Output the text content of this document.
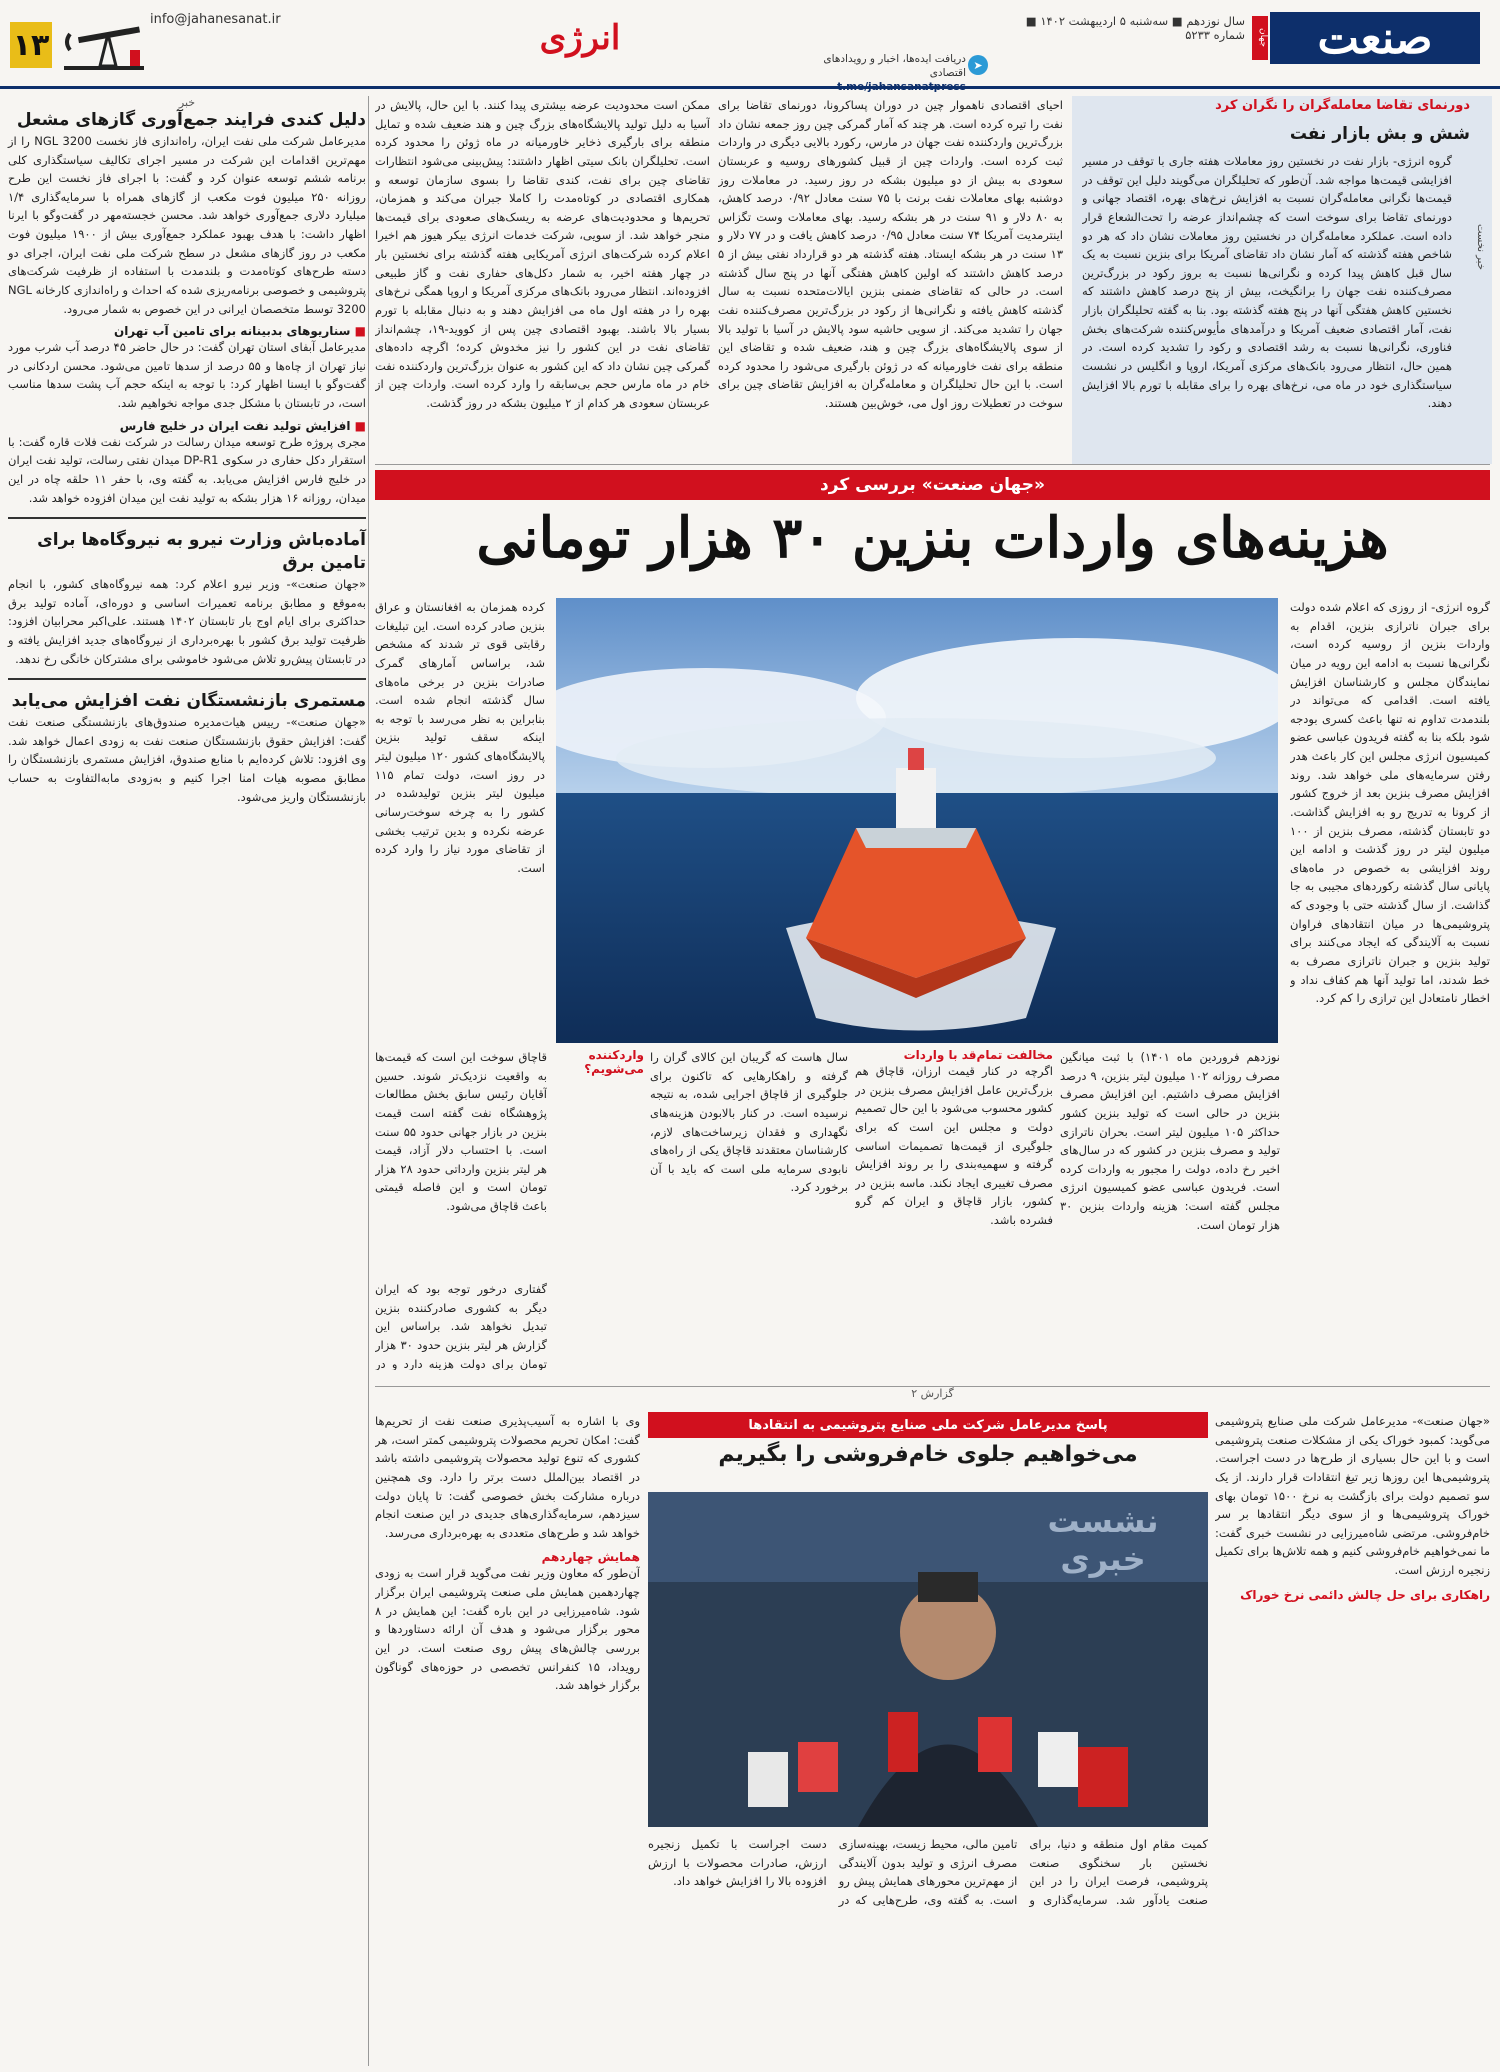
صنعت
جهان
سال نوزدهم ■ سه‌شنبه ۵ اردیبهشت ۱۴۰۲ ■ شماره ۵۲۳۳
➤
دریافت ایده‌ها، اخبار و رویدادهای اقتصادی
انرژی
info@jahanesanat.ir
۱۳
خبر نخست
دورنمای تقاضا معامله‌گران را نگران کرد
شش و بش بازار نفت
گروه انرژی- بازار نفت در نخستین روز معاملات هفته جاری با توقف در مسیر افزایشی قیمت‌ها مواجه شد. آن‌طور که تحلیلگران می‌گویند دلیل این توقف در قیمت‌ها نگرانی معامله‌گران نسبت به افزایش نرخ‌های بهره، اقتصاد جهانی و دورنمای تقاضا برای سوخت است که چشم‌انداز عرضه را تحت‌الشعاع قرار داده است. عملکرد معامله‌گران در نخستین روز معاملات نشان داد که هر دو شاخص هفته گذشته که آمار نشان داد تقاضای آمریکا برای بنزین نسبت به یک سال قبل کاهش پیدا کرده و نگرانی‌ها نسبت به بروز رکود در بزرگ‌ترین مصرف‌کننده نفت جهان را برانگیخت، بیش از پنج درصد کاهش داشتند که نخستین کاهش هفتگی آنها در پنج هفته گذشته بود. بنا به گفته تحلیلگران بازار نفت، آمار اقتصادی ضعیف آمریکا و درآمدهای مأیوس‌کننده شرکت‌های بخش فناوری، نگرانی‌ها نسبت به رشد اقتصادی و رکود را تشدید کرده است. در همین حال، انتظار می‌رود بانک‌های مرکزی آمریکا، اروپا و انگلیس در نشست سیاستگذاری خود در ماه می، نرخ‌های بهره را برای مقابله با تورم بالا افزایش دهند.
احیای اقتصادی ناهموار چین در دوران پساکرونا، دورنمای تقاضا برای نفت را تیره کرده است. هر چند که آمار گمرکی چین روز جمعه نشان داد بزرگ‌ترین واردکننده نفت جهان در مارس، رکورد بالایی دیگری در واردات ثبت کرده است. واردات چین از قبیل کشورهای روسیه و عربستان سعودی به بیش از دو میلیون بشکه در روز رسید. در معاملات روز دوشنبه بهای معاملات نفت برنت با ۷۵ سنت معادل ۰/۹۲ درصد کاهش، به ۸۰ دلار و ۹۱ سنت در هر بشکه رسید. بهای معاملات وست تگزاس اینترمدیت آمریکا ۷۴ سنت معادل ۰/۹۵ درصد کاهش یافت و در ۷۷ دلار و ۱۳ سنت در هر بشکه ایستاد. هفته گذشته هر دو قرارداد نفتی بیش از ۵ درصد کاهش داشتند که اولین کاهش هفتگی آنها در پنج سال گذشته است. در حالی که تقاضای ضمنی بنزین ایالات‌متحده نسبت به سال گذشته کاهش یافته و نگرانی‌ها از رکود در بزرگ‌ترین مصرف‌کننده نفت جهان را تشدید می‌کند. از سویی حاشیه سود پالایش در آسیا با تولید بالا از سوی پالایشگاه‌های بزرگ چین و هند، ضعیف شده و تقاضای این منطقه برای نفت خاورمیانه که در ژوئن بارگیری می‌شود را محدود کرده است. با این حال تحلیلگران و معامله‌گران به افزایش تقاضای چین برای سوخت در تعطیلات روز اول می، خوش‌بین هستند.
ممکن است محدودیت عرضه بیشتری پیدا کنند. با این حال، پالایش در آسیا به دلیل تولید پالایشگاه‌های بزرگ چین و هند ضعیف شده و تمایل منطقه برای بارگیری ذخایر خاورمیانه در ماه ژوئن را محدود کرده است. تحلیلگران بانک سیتی اظهار داشتند: پیش‌بینی می‌شود انتظارات تقاضای چین برای نفت، کندی تقاضا را بسوی سازمان توسعه و همکاری اقتصادی در کوتاه‌مدت را کاملا جبران می‌کند و همزمان، تحریم‌ها و محدودیت‌های عرضه به ریسک‌های صعودی برای قیمت‌ها منجر خواهد شد. از سویی، شرکت خدمات انرژی بیکر هیوز هم اخیرا اعلام کرده شرکت‌های انرژی آمریکایی هفته گذشته برای نخستین بار در چهار هفته اخیر، به شمار دکل‌های حفاری نفت و گاز طبیعی افزوده‌اند. انتظار می‌رود بانک‌های مرکزی آمریکا و اروپا همگی نرخ‌های بهره را در هفته اول ماه می افزایش دهند و به دنبال مقابله با تورم بسیار بالا باشند. بهبود اقتصادی چین پس از کووید-۱۹، چشم‌انداز تقاضای نفت در این کشور را نیز مخدوش کرده؛ اگرچه داده‌های گمرکی چین نشان داد که این کشور به عنوان بزرگ‌ترین واردکننده نفت خام در ماه مارس حجم بی‌سابقه را وارد کرده است. واردات چین از عربستان سعودی هر کدام از ۲ میلیون بشکه در روز گذشت.
«جهان صنعت» بررسی کرد
هزینه‌های واردات بنزین ۳۰ هزار تومانی
گروه انرژی- از روزی که اعلام شده دولت برای جبران ناترازی بنزین، اقدام به واردات بنزین از روسیه کرده است، نگرانی‌ها نسبت به ادامه این رویه در میان نمایندگان مجلس و کارشناسان افزایش یافته است. اقدامی که می‌تواند در بلندمدت تداوم نه تنها باعث کسری بودجه شود بلکه بنا به گفته فریدون عباسی عضو کمیسیون انرژی مجلس این کار باعث هدر رفتن سرمایه‌های ملی خواهد شد. روند افزایش مصرف بنزین بعد از خروج کشور از کرونا به تدریج رو به افزایش گذاشت. دو تابستان گذشته، مصرف بنزین از ۱۰۰ میلیون لیتر در روز گذشت و ادامه این روند افزایشی به خصوص در ماه‌های پایانی سال گذشته رکوردهای مجیبی به جا گذاشت. از سال گذشته حتی با وجودی که پتروشیمی‌ها در میان انتقادهای فراوان نسبت به آلایندگی که ایجاد می‌کنند برای تولید بنزین و جبران ناترازی مصرف به خط شدند، اما تولید آنها هم کفاف نداد و اخطار نامتعادل این ترازی را کم کرد.
کرده همزمان به افغانستان و عراق بنزین صادر کرده است. این تبلیغات رقابتی قوی تر شدند که مشخص شد، براساس آمارهای گمرک صادرات بنزین در برخی ماه‌های سال گذشته انجام شده است. بنابراین به نظر می‌رسد با توجه به اینکه سقف تولید بنزین پالایشگاه‌های کشور ۱۲۰ میلیون لیتر در روز است، دولت تمام ۱۱۵ میلیون لیتر بنزین تولیدشده در کشور را به چرخه سوخت‌رسانی عرضه نکرده و بدین ترتیب بخشی از تقاضای مورد نیاز را وارد کرده است.
نوزدهم فروردین ماه ۱۴۰۱) با ثبت میانگین مصرف روزانه ۱۰۲ میلیون لیتر بنزین، ۹ درصد افزایش مصرف داشتیم. این افزایش مصرف بنزین در حالی است که تولید بنزین کشور حداکثر ۱۰۵ میلیون لیتر است. بحران ناترازی تولید و مصرف بنزین در کشور که در سال‌های اخیر رخ داده، دولت را مجبور به واردات کرده است. فریدون عباسی عضو کمیسیون انرژی مجلس گفته است: هزینه واردات بنزین ۳۰ هزار تومان است.
مخالفت تمام‌قد با واردات
اگرچه در کنار قیمت ارزان، قاچاق هم بزرگ‌ترین عامل افزایش مصرف بنزین در کشور محسوب می‌شود با این حال تصمیم دولت و مجلس این است که برای جلوگیری از قیمت‌ها تصمیمات اساسی گرفته و سهمیه‌بندی را بر روند افزایش مصرف تغییری ایجاد نکند. ماسه بنزین در کشور، بازار قاچاق و ایران کم گرو فشرده باشد.
سال هاست که گریبان این کالای گران را گرفته و راهکارهایی که تاکنون برای جلوگیری از قاچاق اجرایی شده، به نتیجه نرسیده است. در کنار بالابودن هزینه‌های نگهداری و فقدان زیرساخت‌های لازم، کارشناسان معتقدند قاچاق یکی از راه‌های نابودی سرمایه ملی است که باید با آن برخورد کرد.
واردکننده می‌شویم؟
قاچاق سوخت این است که قیمت‌ها به واقعیت نزدیک‌تر شوند. حسین آقایان رئیس سابق بخش مطالعات پژوهشگاه نفت گفته است قیمت بنزین در بازار جهانی حدود ۵۵ سنت است. با احتساب دلار آزاد، قیمت هر لیتر بنزین وارداتی حدود ۲۸ هزار تومان است و این فاصله قیمتی باعث قاچاق می‌شود.
گفتاری درخور توجه بود که ایران دیگر به کشوری صادرکننده بنزین تبدیل نخواهد شد. براساس این گزارش هر لیتر بنزین حدود ۳۰ هزار تومان برای دولت هزینه دارد و در
گزارش ۲
پاسخ مدیرعامل شرکت ملی صنایع پتروشیمی به انتقادها
می‌خواهیم جلوی خام‌فروشی را بگیریم
نشست خبری
«جهان صنعت»- مدیرعامل شرکت ملی صنایع پتروشیمی می‌گوید: کمبود خوراک یکی از مشکلات صنعت پتروشیمی است و با این حال بسیاری از طرح‌ها در دست اجراست. پتروشیمی‌ها این روزها زیر تیغ انتقادات قرار دارند. از یک سو تصمیم دولت برای بازگشت به نرخ ۱۵۰۰ تومان بهای خوراک پتروشیمی‌ها و از سوی دیگر انتقادها بر سر خام‌فروشی. مرتضی شاه‌میرزایی در نشست خبری گفت: ما نمی‌خواهیم خام‌فروشی کنیم و همه تلاش‌ها برای تکمیل زنجیره ارزش است.
راهکاری برای حل چالش دائمی نرخ خوراک
وی با اشاره به آسیب‌پذیری صنعت نفت از تحریم‌ها گفت: امکان تحریم محصولات پتروشیمی کمتر است، هر کشوری که تنوع تولید محصولات پتروشیمی داشته باشد در اقتصاد بین‌الملل دست برتر را دارد. وی همچنین درباره مشارکت بخش خصوصی گفت: تا پایان دولت سیزدهم، سرمایه‌گذاری‌های جدیدی در این صنعت انجام خواهد شد و طرح‌های متعددی به بهره‌برداری می‌رسد.
همایش چهاردهم
آن‌طور که معاون وزیر نفت می‌گوید قرار است به زودی چهاردهمین همایش ملی صنعت پتروشیمی ایران برگزار شود. شاه‌میرزایی در این باره گفت: این همایش در ۸ محور برگزار می‌شود و هدف آن ارائه دستاوردها و بررسی چالش‌های پیش روی صنعت است. در این رویداد، ۱۵ کنفرانس تخصصی در حوزه‌های گوناگون برگزار خواهد شد.
کمیت مقام اول منطقه و دنیا، برای نخستین بار سخنگوی صنعت پتروشیمی، فرصت ایران را در این صنعت یادآور شد. سرمایه‌گذاری و تامین مالی، محیط زیست، بهینه‌سازی مصرف انرژی و تولید بدون آلایندگی از مهم‌ترین محورهای همایش پیش رو است. به گفته وی، طرح‌هایی که در دست اجراست با تکمیل زنجیره ارزش، صادرات محصولات با ارزش افزوده بالا را افزایش خواهد داد.
خبر
دلیل کندی فرایند جمع‌آوری گازهای مشعل
مدیرعامل شرکت ملی نفت ایران، راه‌اندازی فاز نخست NGL 3200 را از مهم‌ترین اقدامات این شرکت در مسیر اجرای تکالیف سیاستگذاری کلی برنامه ششم توسعه عنوان کرد و گفت: با اجرای فاز نخست این طرح روزانه ۲۵۰ میلیون فوت مکعب از گازهای همراه با سرمایه‌گذاری ۱/۴ میلیارد دلاری جمع‌آوری خواهد شد. محسن خجسته‌مهر در گفت‌وگو با ایرنا اظهار داشت: با هدف بهبود عملکرد جمع‌آوری بیش از ۱۹۰۰ میلیون فوت مکعب در روز گازهای مشعل در سطح شرکت ملی نفت ایران، اجرای دو دسته طرح‌های کوتاه‌مدت و بلندمدت با استفاده از ظرفیت شرکت‌های پتروشیمی و خصوصی برنامه‌ریزی شده که احداث و راه‌اندازی کارخانه NGL 3200 توسط متخصصان ایرانی در این خصوص به شمار می‌رود.
■ سناریوهای بدبینانه برای تامین آب تهران
مدیرعامل آبفای استان تهران گفت: در حال حاضر ۴۵ درصد آب شرب مورد نیاز تهران از چاه‌ها و ۵۵ درصد از سدها تامین می‌شود. محسن اردکانی در گفت‌وگو با ایسنا اظهار کرد: با توجه به اینکه حجم آب پشت سدها مناسب است، در تابستان با مشکل جدی مواجه نخواهیم شد.
■ افزایش تولید نفت ایران در خلیج فارس
مجری پروژه طرح توسعه میدان رسالت در شرکت نفت فلات قاره گفت: با استقرار دکل حفاری در سکوی DP-R1 میدان نفتی رسالت، تولید نفت ایران در خلیج فارس افزایش می‌یابد. به گفته وی، با حفر ۱۱ حلقه چاه در این میدان، روزانه ۱۶ هزار بشکه به تولید نفت این میدان افزوده خواهد شد.
آماده‌باش وزارت نیرو به نیروگاه‌ها برای تامین برق
«جهان صنعت»- وزیر نیرو اعلام کرد: همه نیروگاه‌های کشور، با انجام به‌موقع و مطابق برنامه تعمیرات اساسی و دوره‌ای، آماده تولید برق حداکثری برای ایام اوج بار تابستان ۱۴۰۲ هستند. علی‌اکبر محرابیان افزود: ظرفیت تولید برق کشور با بهره‌برداری از نیروگاه‌های جدید افزایش یافته و در تابستان پیش‌رو تلاش می‌شود خاموشی برای مشترکان خانگی رخ ندهد.
مستمری بازنشستگان نفت افزایش می‌یابد
«جهان صنعت»- رییس هیات‌مدیره صندوق‌های بازنشستگی صنعت نفت گفت: افزایش حقوق بازنشستگان صنعت نفت به زودی اعمال خواهد شد. وی افزود: تلاش کرده‌ایم با منابع صندوق، افزایش مستمری بازنشستگان را مطابق مصوبه هیات امنا اجرا کنیم و به‌زودی مابه‌التفاوت به حساب بازنشستگان واریز می‌شود.
